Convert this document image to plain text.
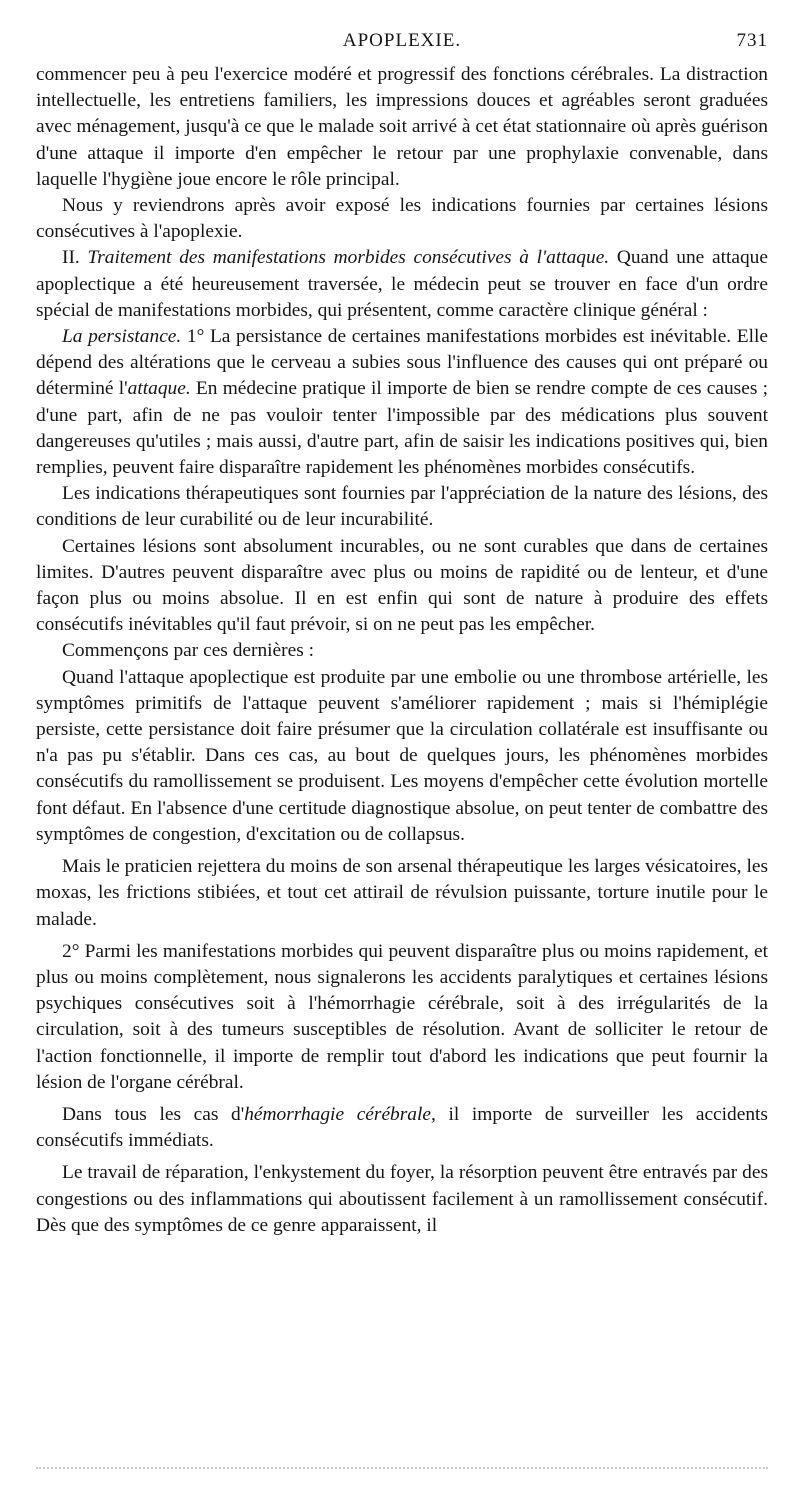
APOPLEXIE.	731

commencer peu à peu l'exercice modéré et progressif des fonctions cérébrales. La distraction intellectuelle, les entretiens familiers, les impressions douces et agréables seront graduées avec ménagement, jusqu'à ce que le malade soit arrivé à cet état stationnaire où après guérison d'une attaque il importe d'en empêcher le retour par une prophylaxie convenable, dans laquelle l'hygiène joue encore le rôle principal.

Nous y reviendrons après avoir exposé les indications fournies par certaines lésions consécutives à l'apoplexie.

II. Traitement des manifestations morbides consécutives à l'attaque. Quand une attaque apoplectique a été heureusement traversée, le médecin peut se trouver en face d'un ordre spécial de manifestations morbides, qui présentent, comme caractère clinique général :

La persistance. 1° La persistance de certaines manifestations morbides est inévitable. Elle dépend des altérations que le cerveau a subies sous l'influence des causes qui ont préparé ou déterminé l'attaque. En médecine pratique il importe de bien se rendre compte de ces causes ; d'une part, afin de ne pas vouloir tenter l'impossible par des médications plus souvent dangereuses qu'utiles ; mais aussi, d'autre part, afin de saisir les indications positives qui, bien remplies, peuvent faire disparaître rapidement les phénomènes morbides consécutifs.

Les indications thérapeutiques sont fournies par l'appréciation de la nature des lésions, des conditions de leur curabilité ou de leur incurabilité.

Certaines lésions sont absolument incurables, ou ne sont curables que dans de certaines limites. D'autres peuvent disparaître avec plus ou moins de rapidité ou de lenteur, et d'une façon plus ou moins absolue. Il en est enfin qui sont de nature à produire des effets consécutifs inévitables qu'il faut prévoir, si on ne peut pas les empêcher.

Commençons par ces dernières :

Quand l'attaque apoplectique est produite par une embolie ou une thrombose artérielle, les symptômes primitifs de l'attaque peuvent s'améliorer rapidement ; mais si l'hémiplégie persiste, cette persistance doit faire présumer que la circulation collatérale est insuffisante ou n'a pas pu s'établir. Dans ces cas, au bout de quelques jours, les phénomènes morbides consécutifs du ramollissement se produisent. Les moyens d'empêcher cette évolution mortelle font défaut. En l'absence d'une certitude diagnostique absolue, on peut tenter de combattre des symptômes de congestion, d'excitation ou de collapsus.

Mais le praticien rejettera du moins de son arsenal thérapeutique les larges vésicatoires, les moxas, les frictions stibiées, et tout cet attirail de révulsion puissante, torture inutile pour le malade.

2° Parmi les manifestations morbides qui peuvent disparaître plus ou moins rapidement, et plus ou moins complètement, nous signalerons les accidents paralytiques et certaines lésions psychiques consécutives soit à l'hémorrhagie cérébrale, soit à des irrégularités de la circulation, soit à des tumeurs susceptibles de résolution. Avant de solliciter le retour de l'action fonctionnelle, il importe de remplir tout d'abord les indications que peut fournir la lésion de l'organe cérébral.

Dans tous les cas d'hémorrhagie cérébrale, il importe de surveiller les accidents consécutifs immédiats.

Le travail de réparation, l'enkystement du foyer, la résorption peuvent être entravés par des congestions ou des inflammations qui aboutissent facilement à un ramollissement consécutif. Dès que des symptômes de ce genre apparaissent, il
